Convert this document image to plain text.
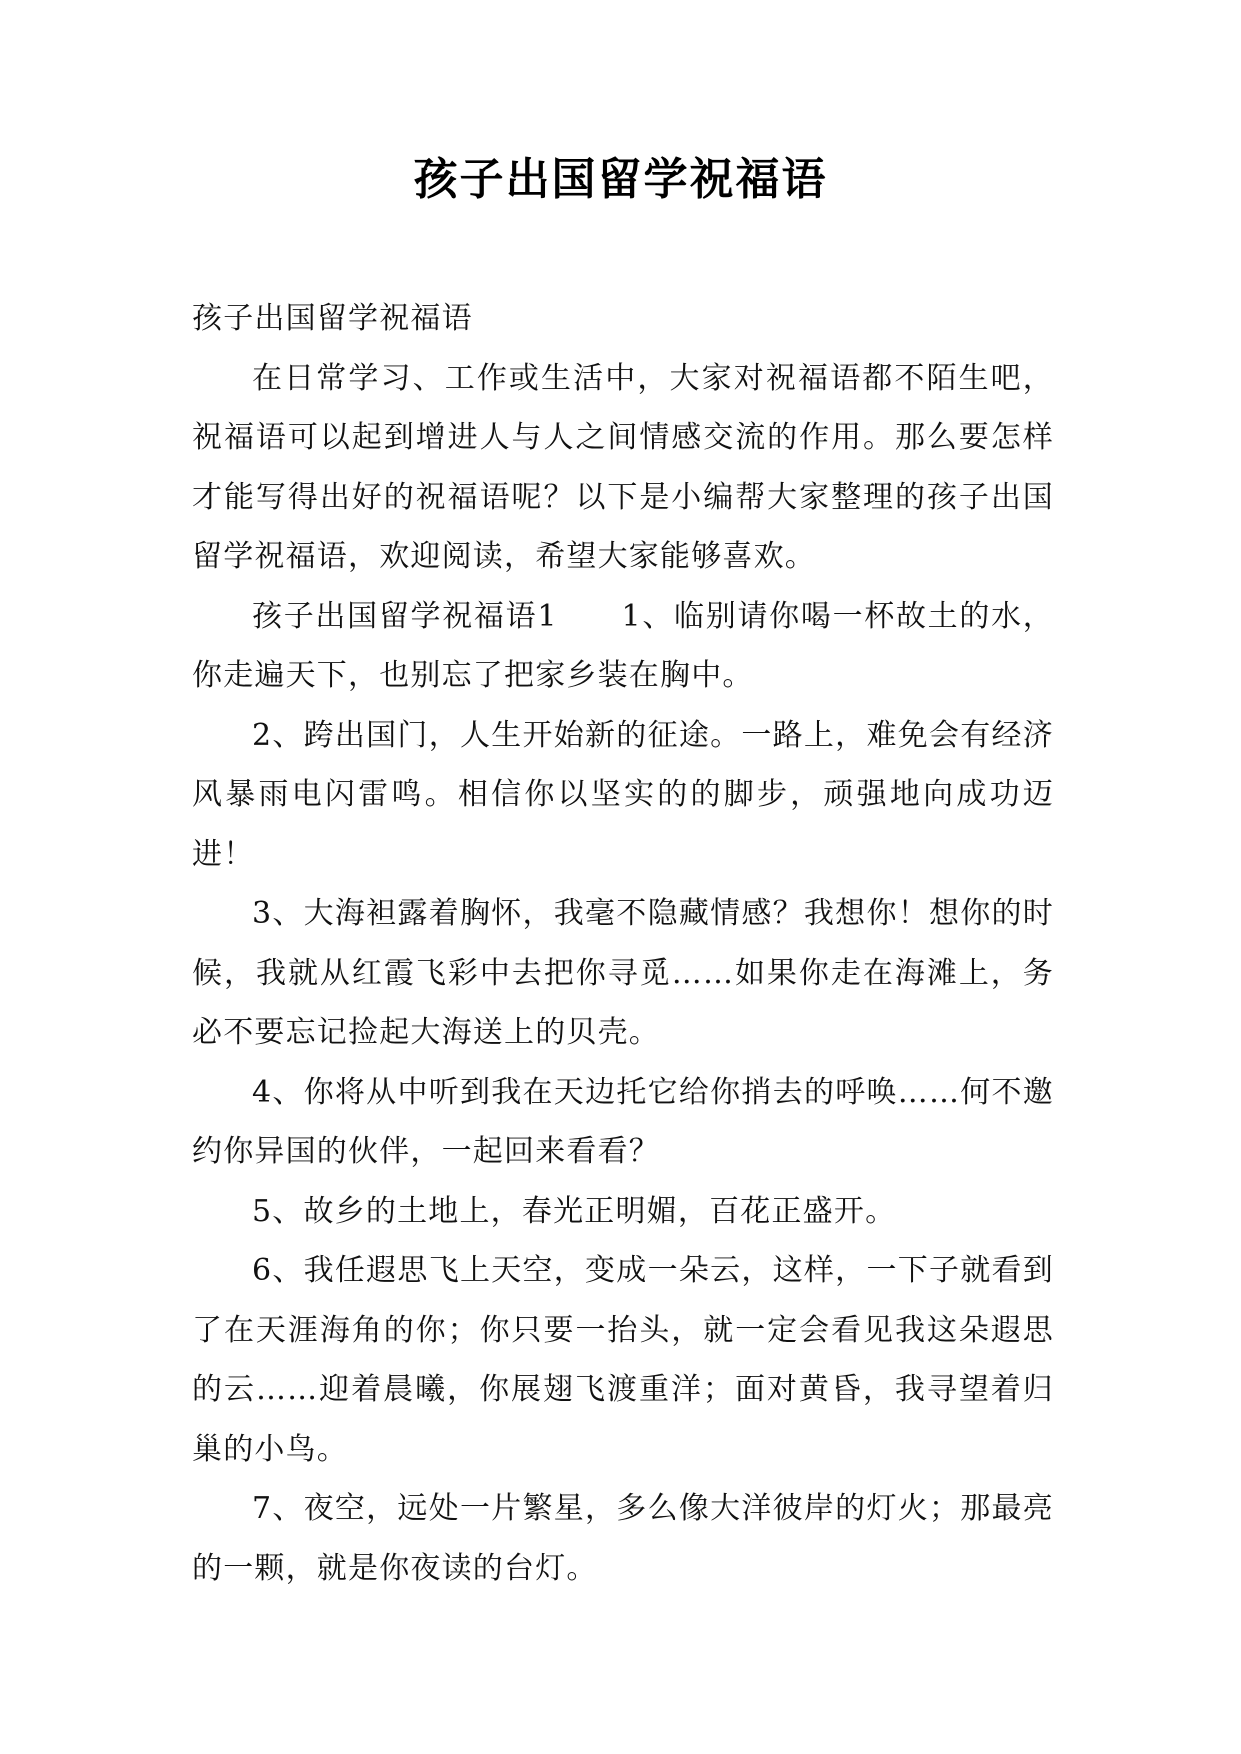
孩子出国留学祝福语

孩子出国留学祝福语

在日常学习、工作或生活中，大家对祝福语都不陌生吧，祝福语可以起到增进人与人之间情感交流的作用。那么要怎样才能写得出好的祝福语呢？以下是小编帮大家整理的孩子出国留学祝福语，欢迎阅读，希望大家能够喜欢。

孩子出国留学祝福语1　　1、临别请你喝一杯故土的水，你走遍天下，也别忘了把家乡装在胸中。

2、跨出国门，人生开始新的征途。一路上，难免会有经济风暴雨电闪雷鸣。相信你以坚实的的脚步，顽强地向成功迈进！

3、大海袒露着胸怀，我毫不隐藏情感？我想你！想你的时候，我就从红霞飞彩中去把你寻觅……如果你走在海滩上，务必不要忘记捡起大海送上的贝壳。

4、你将从中听到我在天边托它给你捎去的呼唤……何不邀约你异国的伙伴，一起回来看看？

5、故乡的土地上，春光正明媚，百花正盛开。

6、我任遐思飞上天空，变成一朵云，这样，一下子就看到了在天涯海角的你；你只要一抬头，就一定会看见我这朵遐思的云……迎着晨曦，你展翅飞渡重洋；面对黄昏，我寻望着归巢的小鸟。

7、夜空，远处一片繁星，多么像大洋彼岸的灯火；那最亮的一颗，就是你夜读的台灯。
